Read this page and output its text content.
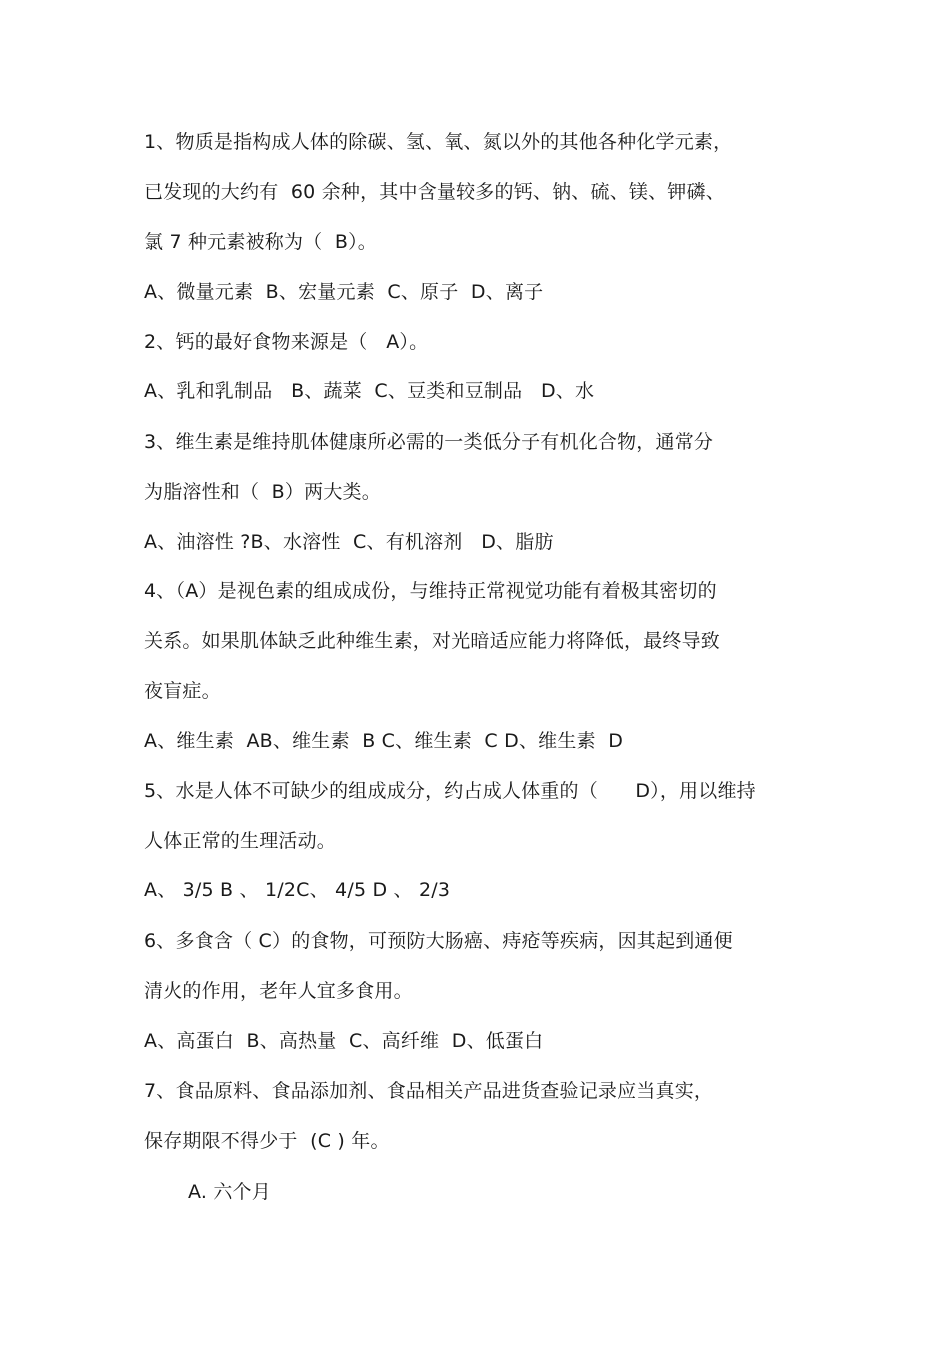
1、物质是指构成人体的除碳、氢、氧、氮以外的其他各种化学元素，
已发现的大约有  60 余种，其中含量较多的钙、钠、硫、镁、钾磷、
氯 7 种元素被称为（  B）。
A、微量元素  B、宏量元素  C、原子  D、离子
2、钙的最好食物来源是（   A）。
A、乳和乳制品   B、蔬菜  C、豆类和豆制品   D、水
3、维生素是维持肌体健康所必需的一类低分子有机化合物，通常分
为脂溶性和（  B）两大类。
A、油溶性 ?B、水溶性  C、有机溶剂   D、脂肪
4、（A）是视色素的组成成份，与维持正常视觉功能有着极其密切的
关系。如果肌体缺乏此种维生素，对光暗适应能力将降低，最终导致
夜盲症。
A、维生素  AB、维生素  B C、维生素  C D、维生素  D
5、水是人体不可缺少的组成成分，约占成人体重的（      D），用以维持
人体正常的生理活动。
A、 3/5 B 、 1/2C、 4/5 D 、 2/3
6、多食含（ C）的食物，可预防大肠癌、痔疮等疾病，因其起到通便
清火的作用，老年人宜多食用。
A、高蛋白  B、高热量  C、高纤维  D、低蛋白
7、食品原料、食品添加剂、食品相关产品进货查验记录应当真实，
保存期限不得少于  (C ) 年。
A. 六个月
